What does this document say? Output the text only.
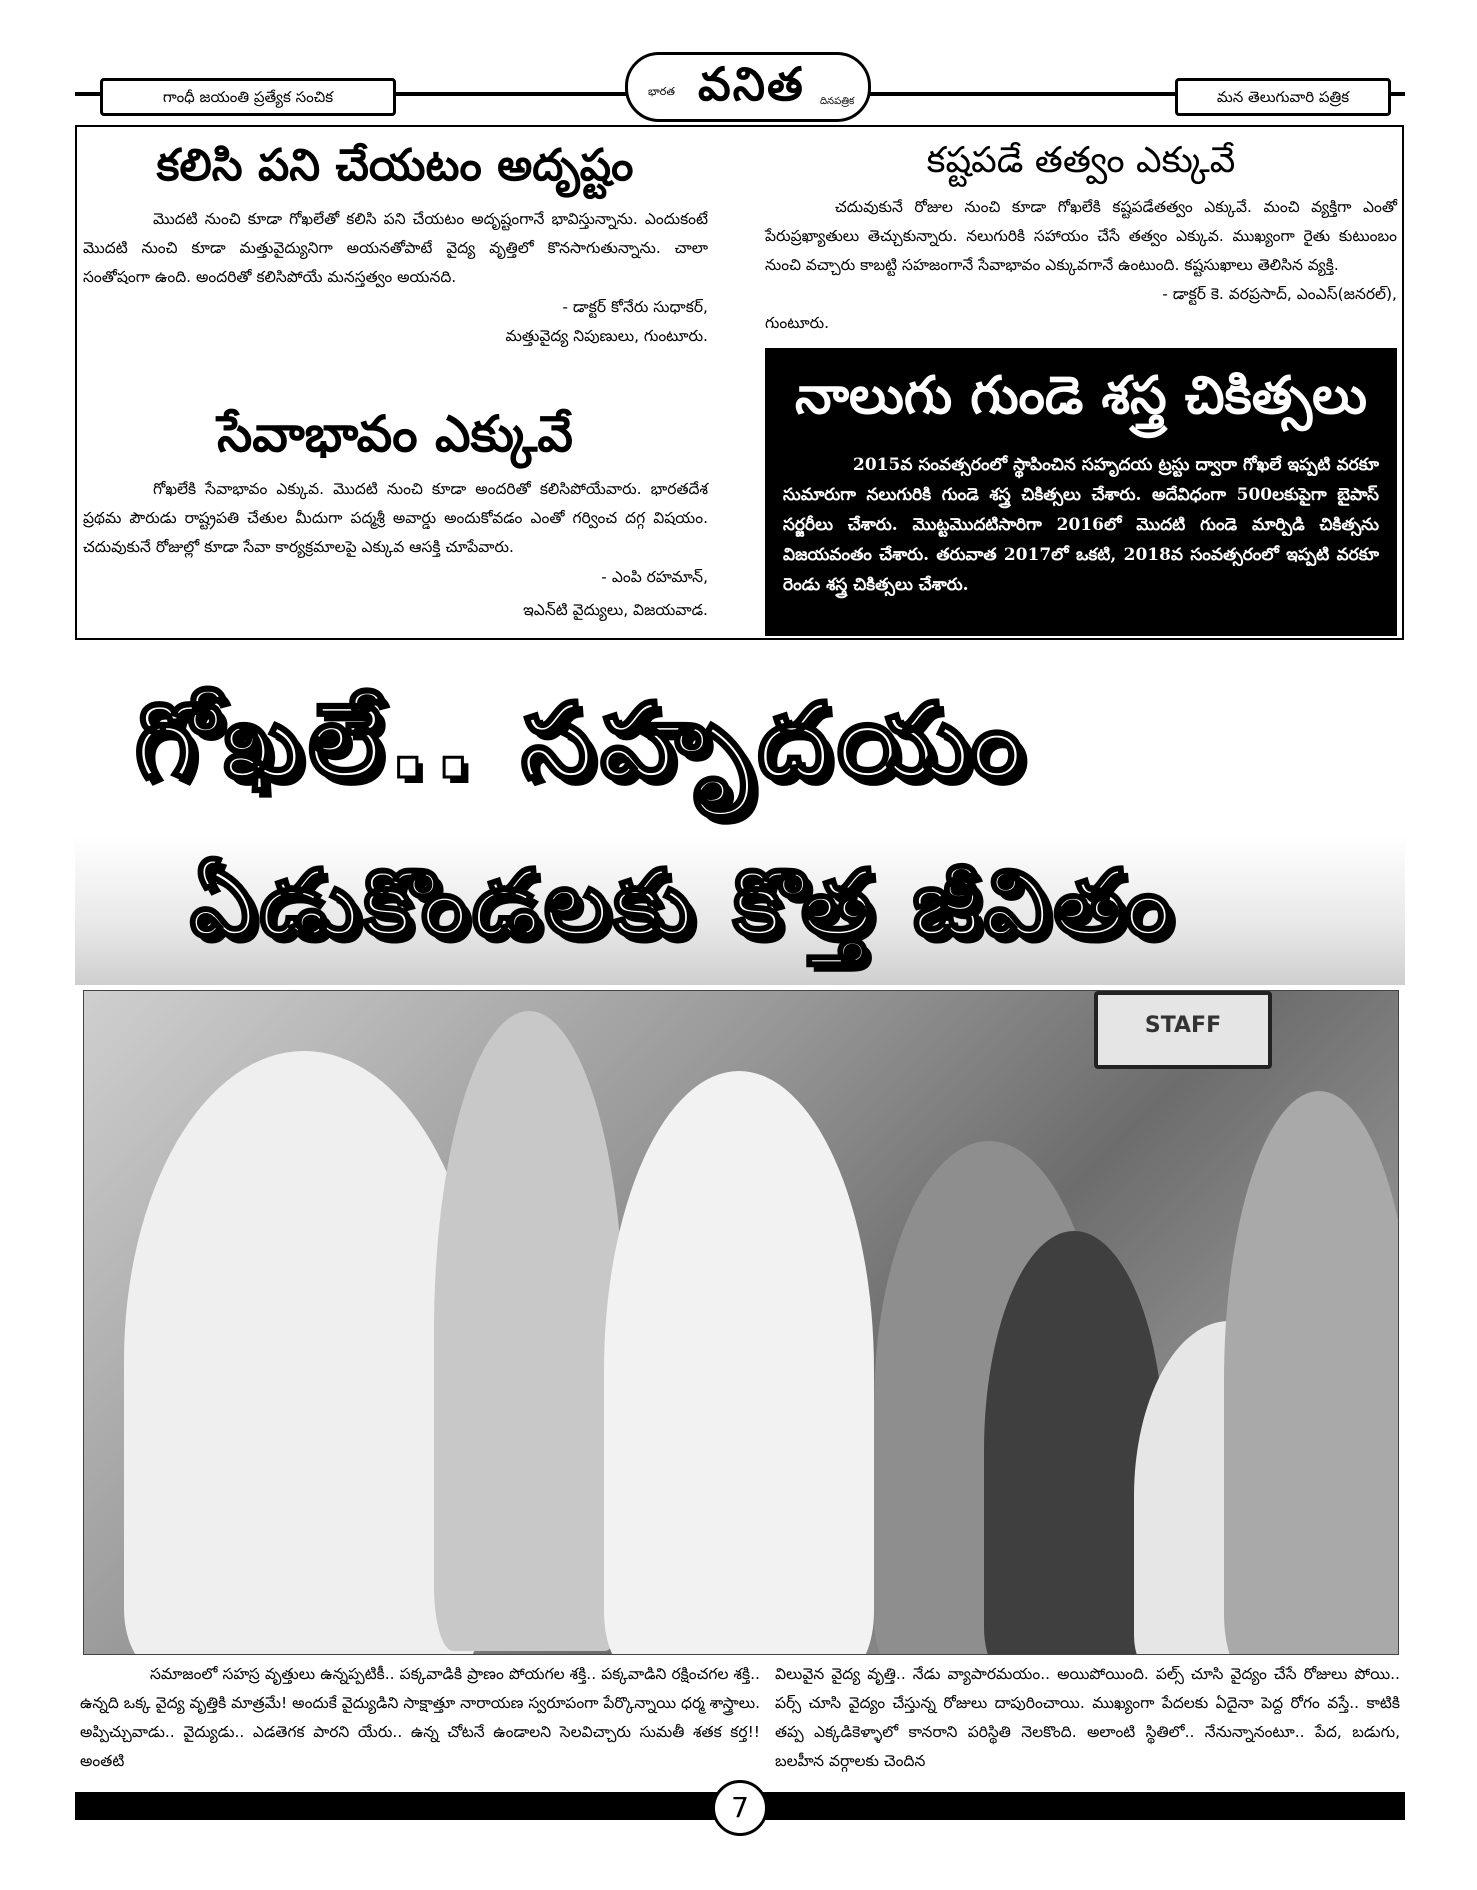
గాంధీ జయంతి ప్రత్యేక సంచిక	భారత వనిత దినపత్రిక	మన తెలుగువారి పత్రిక
కలిసి పని చేయటం అదృష్టం
మొదటి నుంచి కూడా గోఖలేతో కలిసి పని చేయటం అదృష్టంగానే భావిస్తున్నాను. ఎందుకంటే మొదటి నుంచి కూడా మత్తువైద్యునిగా అయనతోపాటే వైద్య వృత్తిలో కొనసాగుతున్నాను. చాలా సంతోషంగా ఉంది. అందరితో కలిసిపోయే మనస్తత్వం అయనది.
- డాక్టర్ కోనేరు సుధాకర్,
మత్తువైద్య నిపుణులు, గుంటూరు.
కష్టపడే తత్వం ఎక్కువే
చదువుకునే రోజుల నుంచి కూడా గోఖలేకి కష్టపడేతత్వం ఎక్కువే. మంచి వ్యక్తిగా ఎంతో పేరుప్రఖ్యాతులు తెచ్చుకున్నారు. నలుగురికి సహాయం చేసే తత్వం ఎక్కువ. ముఖ్యంగా రైతు కుటుంబం నుంచి వచ్చారు కాబట్టి సహజంగానే సేవాభావం ఎక్కువగానే ఉంటుంది. కష్టసుఖాలు తెలిసిన వ్యక్తి.
- డాక్టర్ కె. వరప్రసాద్, ఎంఎస్(జనరల్),
గుంటూరు.
సేవాభావం ఎక్కువే
గోఖలేకి సేవాభావం ఎక్కువ. మొదటి నుంచి కూడా అందరితో కలిసిపోయేవారు. భారతదేశ ప్రథమ పౌరుడు రాష్ట్రపతి చేతుల మీదుగా పద్మశ్రీ అవార్డు అందుకోవడం ఎంతో గర్వించ దగ్గ విషయం. చదువుకునే రోజుల్లో కూడా సేవా కార్యక్రమాలపై ఎక్కువ ఆసక్తి చూపేవారు.
- ఎంపి రహమాన్,
ఇఎన్‌టి వైద్యులు, విజయవాడ.
నాలుగు గుండె శస్త్ర చికిత్సలు
2015వ సంవత్సరంలో స్థాపించిన సహృదయ ట్రస్టు ద్వారా గోఖలే ఇప్పటి వరకూ సుమారుగా నలుగురికి గుండె శస్త్ర చికిత్సలు చేశారు. అదేవిధంగా 500లకుపైగా బైపాస్ సర్జరీలు చేశారు. మొట్టమొదటిసారిగా 2016లో మొదటి గుండె మార్పిడి చికిత్సను విజయవంతం చేశారు. తరువాత 2017లో ఒకటి, 2018వ సంవత్సరంలో ఇప్పటి వరకూ రెండు శస్త్ర చికిత్సలు చేశారు.
గోఖలే.. సహృదయం
ఏడుకొండలకు కొత్త జీవితం
STAFF
సమాజంలో సహస్ర వృత్తులు ఉన్నప్పటికీ.. పక్కవాడికి ప్రాణం పోయగల శక్తి.. పక్కవాడిని రక్షించగల శక్తి.. ఉన్నది ఒక్క వైద్య వృత్తికి మాత్రమే! అందుకే వైద్యుడిని సాక్షాత్తూ నారాయణ స్వరూపంగా పేర్కొన్నాయి ధర్మ శాస్త్రాలు. అప్పిచ్చువాడు.. వైద్యుడు.. ఎడతెగక పారని యేరు.. ఉన్న చోటనే ఉండాలని సెలవిచ్చారు సుమతీ శతక కర్త!! అంతటి
విలువైన వైద్య వృత్తి.. నేడు వ్యాపారమయం.. అయిపోయింది. పల్స్ చూసి వైద్యం చేసే రోజులు పోయి.. పర్స్ చూసి వైద్యం చేస్తున్న రోజులు దాపురించాయి. ముఖ్యంగా పేదలకు ఏదైనా పెద్ద రోగం వస్తే.. కాటికి తప్ప ఎక్కడికెళ్ళాలో కానరాని పరిస్థితి నెలకొంది. అలాంటి స్థితిలో.. నేనున్నానంటూ.. పేద, బడుగు, బలహీన వర్గాలకు చెందిన
7
